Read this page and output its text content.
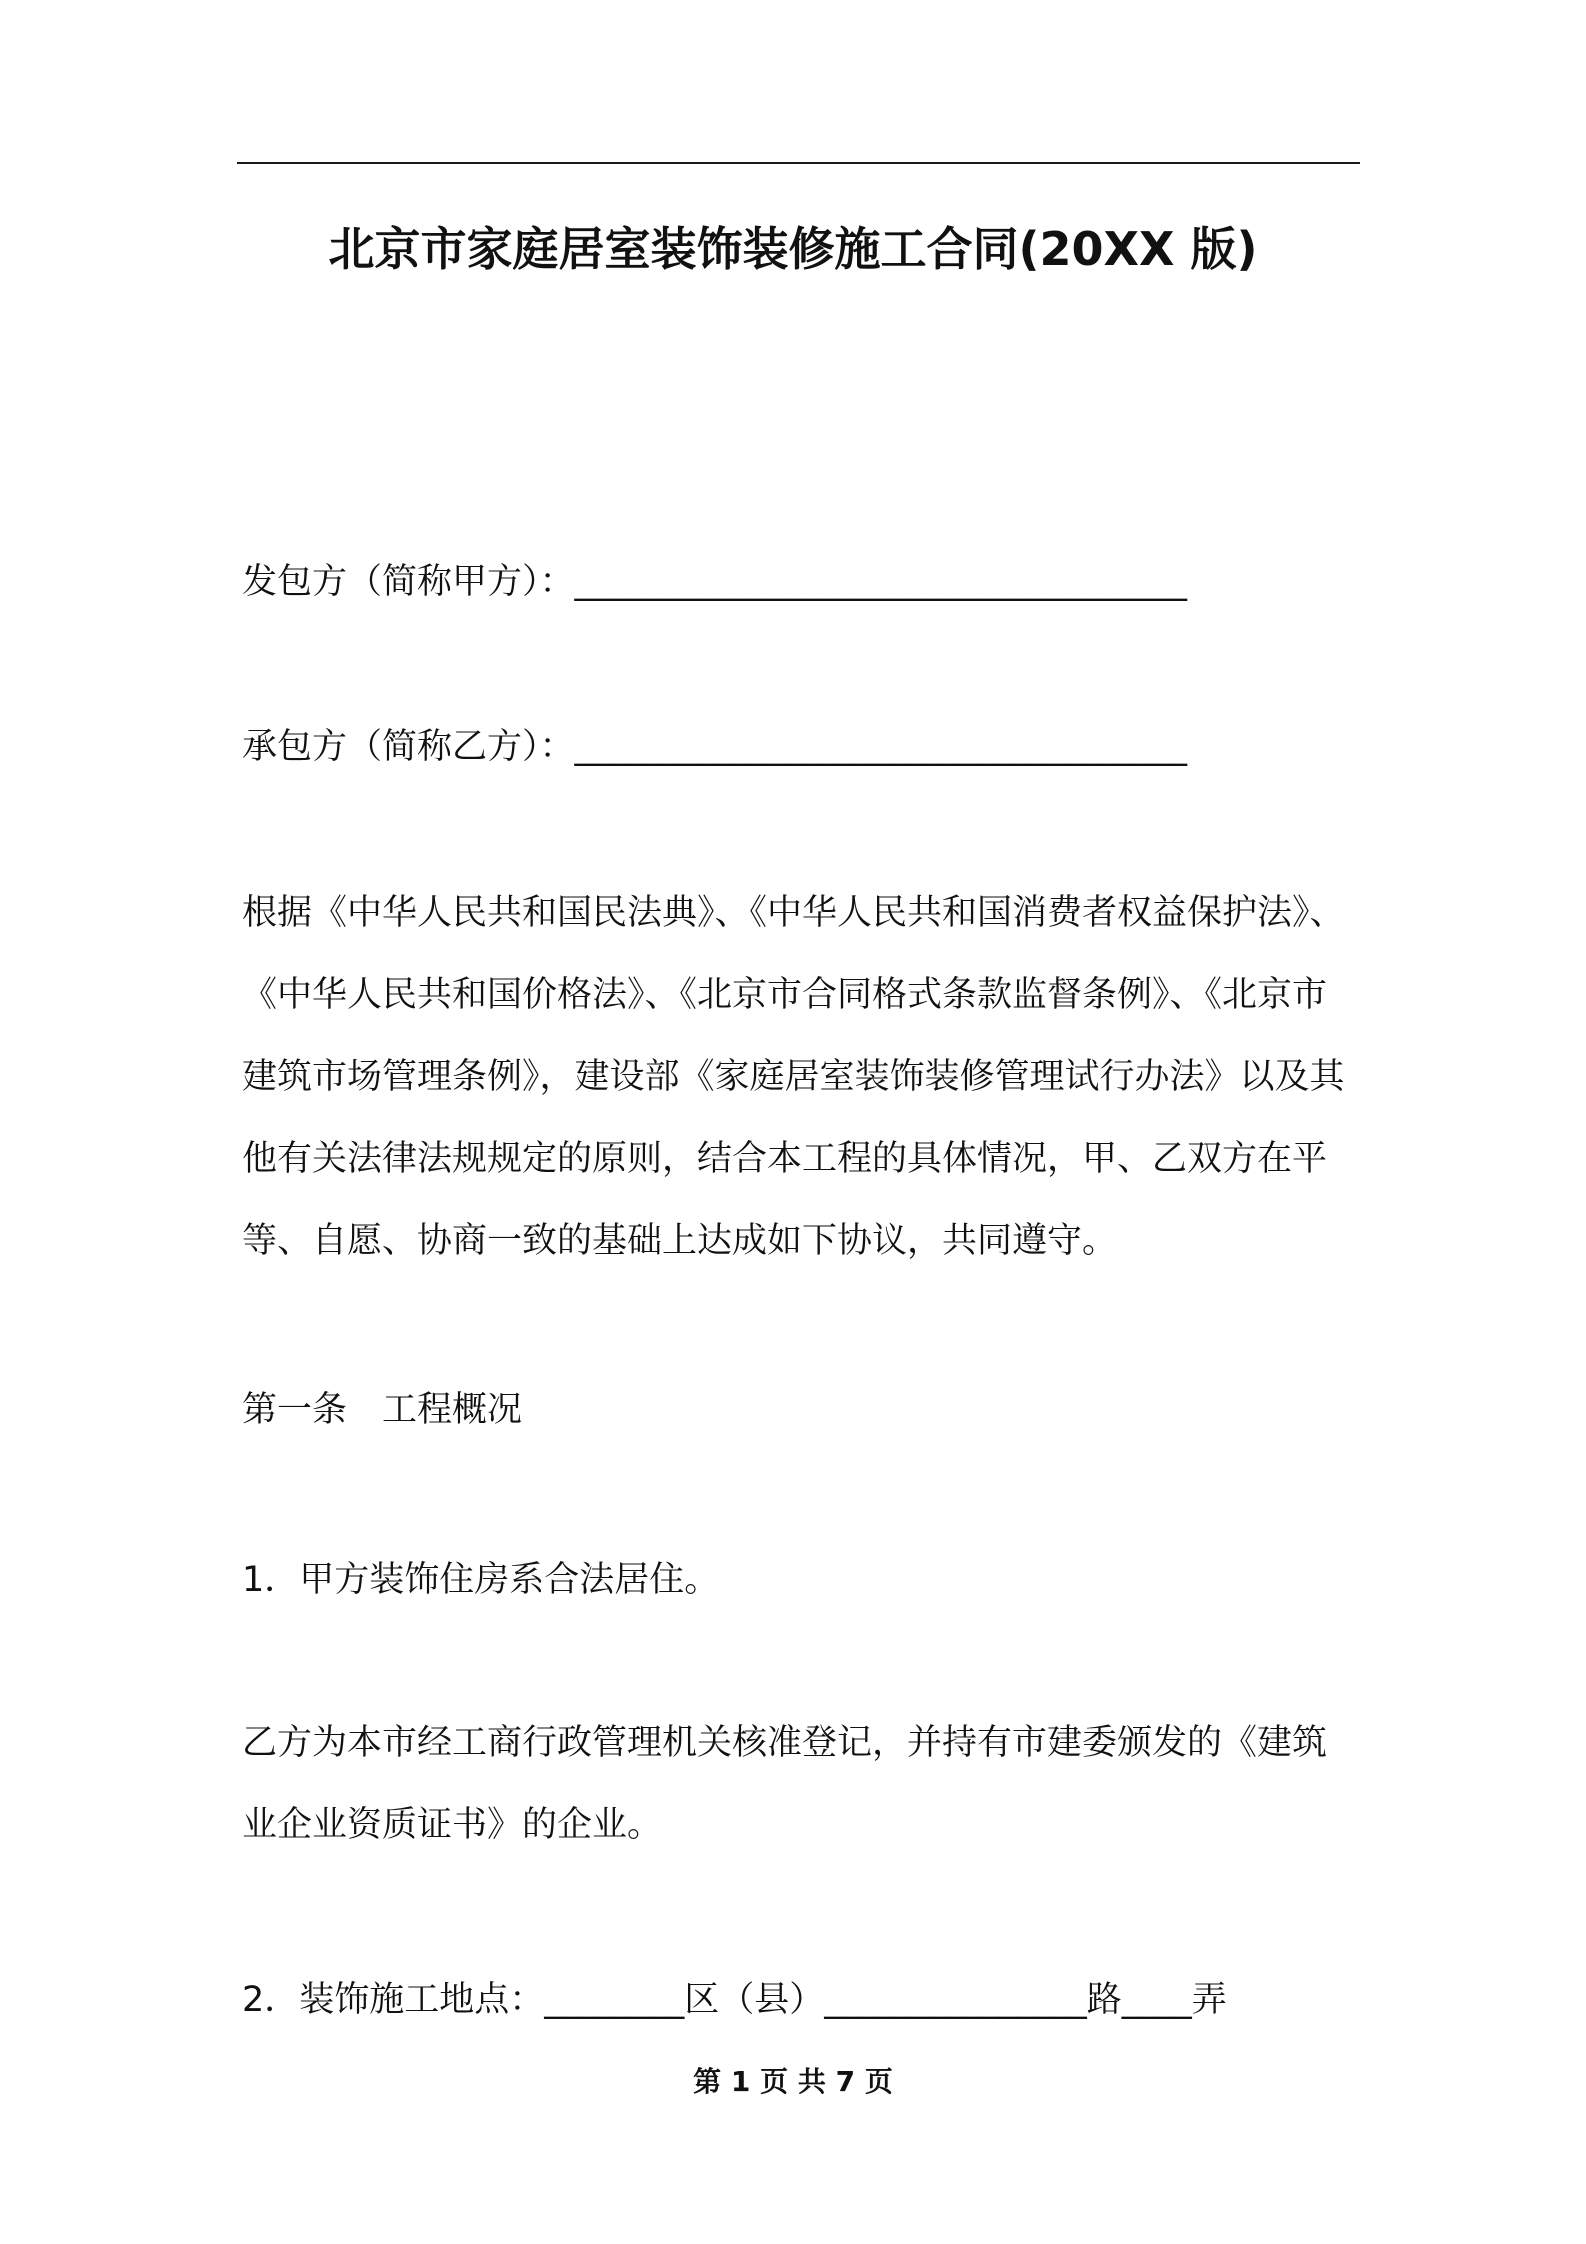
北京市家庭居室装饰装修施工合同(20XX 版)
发包方（简称甲方）：___________________________________
承包方（简称乙方）：___________________________________
根据《中华人民共和国民法典》、《中华人民共和国消费者权益保护法》、《中华人民共和国价格法》、《北京市合同格式条款监督条例》、《北京市建筑市场管理条例》，建设部《家庭居室装饰装修管理试行办法》以及其他有关法律法规规定的原则，结合本工程的具体情况，甲、乙双方在平等、自愿、协商一致的基础上达成如下协议，共同遵守。
第一条　工程概况
1．甲方装饰住房系合法居住。
乙方为本市经工商行政管理机关核准登记，并持有市建委颁发的《建筑业企业资质证书》的企业。
2．装饰施工地点：________区（县）_______________路____弄
第 1 页 共 7 页
